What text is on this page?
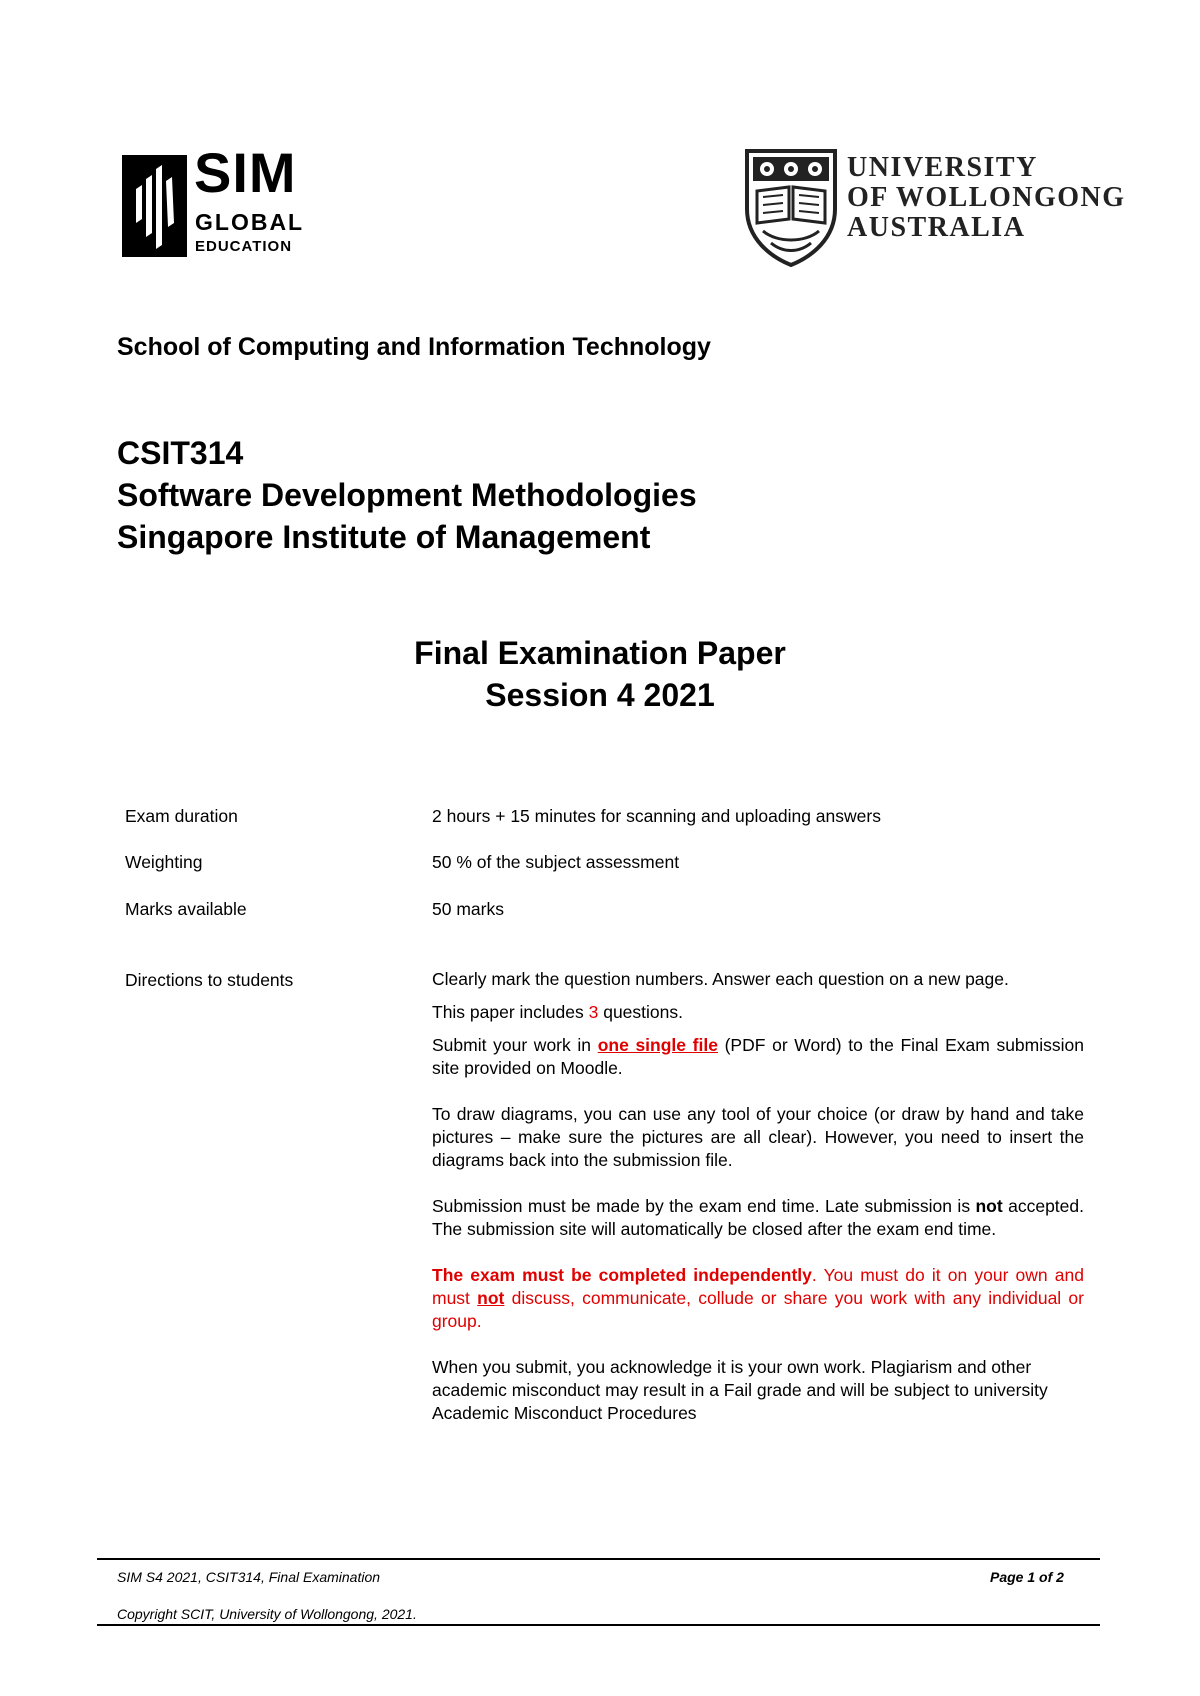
SIM
GLOBAL
EDUCATION
UNIVERSITY
OF WOLLONGONG
AUSTRALIA
School of Computing and Information Technology
CSIT314
Software Development Methodologies
Singapore Institute of Management
Final Examination Paper
Session 4 2021
Exam duration	2 hours + 15 minutes for scanning and uploading answers
Weighting	50 % of the subject assessment
Marks available	50 marks
Directions to students	Clearly mark the question numbers. Answer each question on a new page.

This paper includes 3 questions.

Submit your work in one single file (PDF or Word) to the Final Exam submission site provided on Moodle.

To draw diagrams, you can use any tool of your choice (or draw by hand and take pictures – make sure the pictures are all clear). However, you need to insert the diagrams back into the submission file.

Submission must be made by the exam end time. Late submission is not accepted. The submission site will automatically be closed after the exam end time.

The exam must be completed independently. You must do it on your own and must not discuss, communicate, collude or share you work with any individual or group.

When you submit, you acknowledge it is your own work. Plagiarism and other academic misconduct may result in a Fail grade and will be subject to university Academic Misconduct Procedures

SIM S4 2021, CSIT314, Final Examination	Page 1 of 2
Copyright SCIT, University of Wollongong, 2021.
